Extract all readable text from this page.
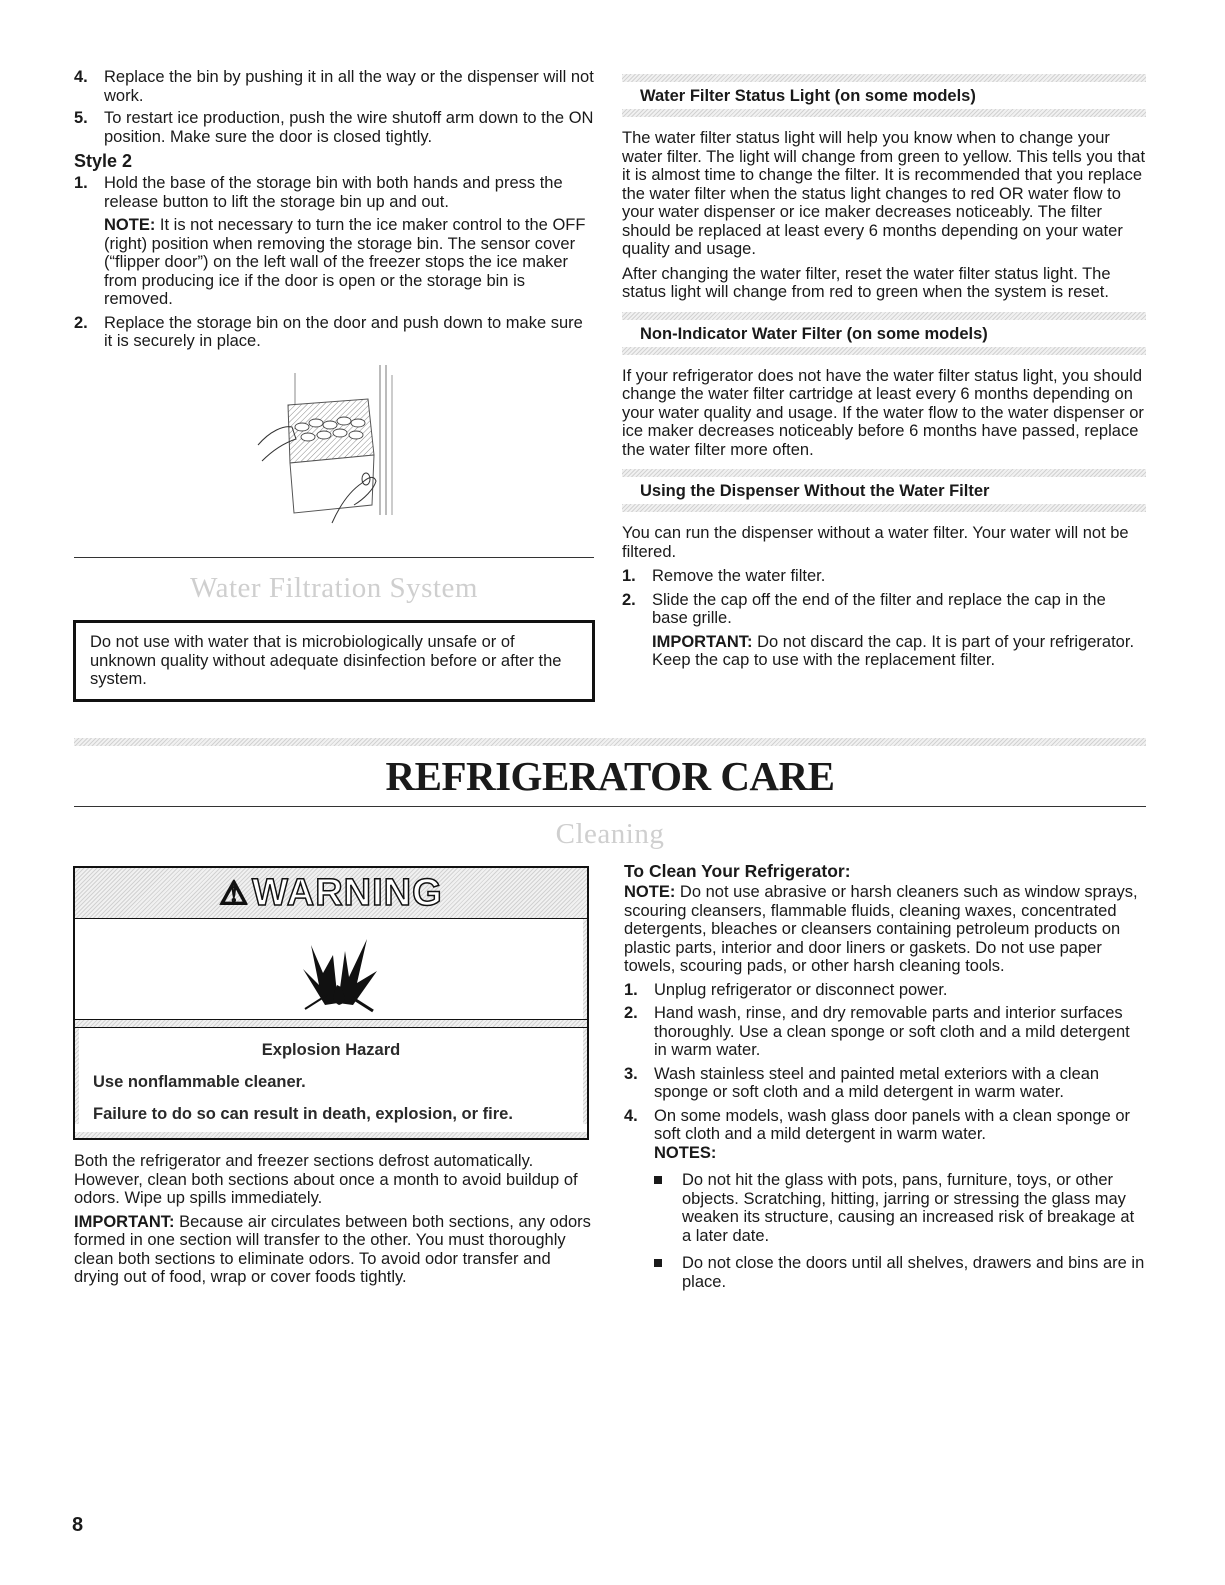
4. Replace the bin by pushing it in all the way or the dispenser will not work.

5. To restart ice production, push the wire shutoff arm down to the ON position. Make sure the door is closed tightly.

Style 2

1. Hold the base of the storage bin with both hands and press the release button to lift the storage bin up and out.

NOTE: It is not necessary to turn the ice maker control to the OFF (right) position when removing the storage bin. The sensor cover (“flipper door”) on the left wall of the freezer stops the ice maker from producing ice if the door is open or the storage bin is removed.

2. Replace the storage bin on the door and push down to make sure it is securely in place.

Water Filtration System

Do not use with water that is microbiologically unsafe or of unknown quality without adequate disinfection before or after the system.

Water Filter Status Light (on some models)

The water filter status light will help you know when to change your water filter. The light will change from green to yellow. This tells you that it is almost time to change the filter. It is recommended that you replace the water filter when the status light changes to red OR water flow to your water dispenser or ice maker decreases noticeably. The filter should be replaced at least every 6 months depending on your water quality and usage.

After changing the water filter, reset the water filter status light. The status light will change from red to green when the system is reset.

Non-Indicator Water Filter (on some models)

If your refrigerator does not have the water filter status light, you should change the water filter cartridge at least every 6 months depending on your water quality and usage. If the water flow to the water dispenser or ice maker decreases noticeably before 6 months have passed, replace the water filter more often.

Using the Dispenser Without the Water Filter

You can run the dispenser without a water filter. Your water will not be filtered.

1. Remove the water filter.

2. Slide the cap off the end of the filter and replace the cap in the base grille.

IMPORTANT: Do not discard the cap. It is part of your refrigerator. Keep the cap to use with the replacement filter.

REFRIGERATOR CARE
Cleaning
⚠ WARNING

Explosion Hazard

Use nonflammable cleaner.

Failure to do so can result in death, explosion, or fire.

Both the refrigerator and freezer sections defrost automatically. However, clean both sections about once a month to avoid buildup of odors. Wipe up spills immediately.

IMPORTANT: Because air circulates between both sections, any odors formed in one section will transfer to the other. You must thoroughly clean both sections to eliminate odors. To avoid odor transfer and drying out of food, wrap or cover foods tightly.

To Clean Your Refrigerator:

NOTE: Do not use abrasive or harsh cleaners such as window sprays, scouring cleansers, flammable fluids, cleaning waxes, concentrated detergents, bleaches or cleansers containing petroleum products on plastic parts, interior and door liners or gaskets. Do not use paper towels, scouring pads, or other harsh cleaning tools.

1. Unplug refrigerator or disconnect power.

2. Hand wash, rinse, and dry removable parts and interior surfaces thoroughly. Use a clean sponge or soft cloth and a mild detergent in warm water.

3. Wash stainless steel and painted metal exteriors with a clean sponge or soft cloth and a mild detergent in warm water.

4. On some models, wash glass door panels with a clean sponge or soft cloth and a mild detergent in warm water.

NOTES:

Do not hit the glass with pots, pans, furniture, toys, or other objects. Scratching, hitting, jarring or stressing the glass may weaken its structure, causing an increased risk of breakage at a later date.

Do not close the doors until all shelves, drawers and bins are in place.

8
